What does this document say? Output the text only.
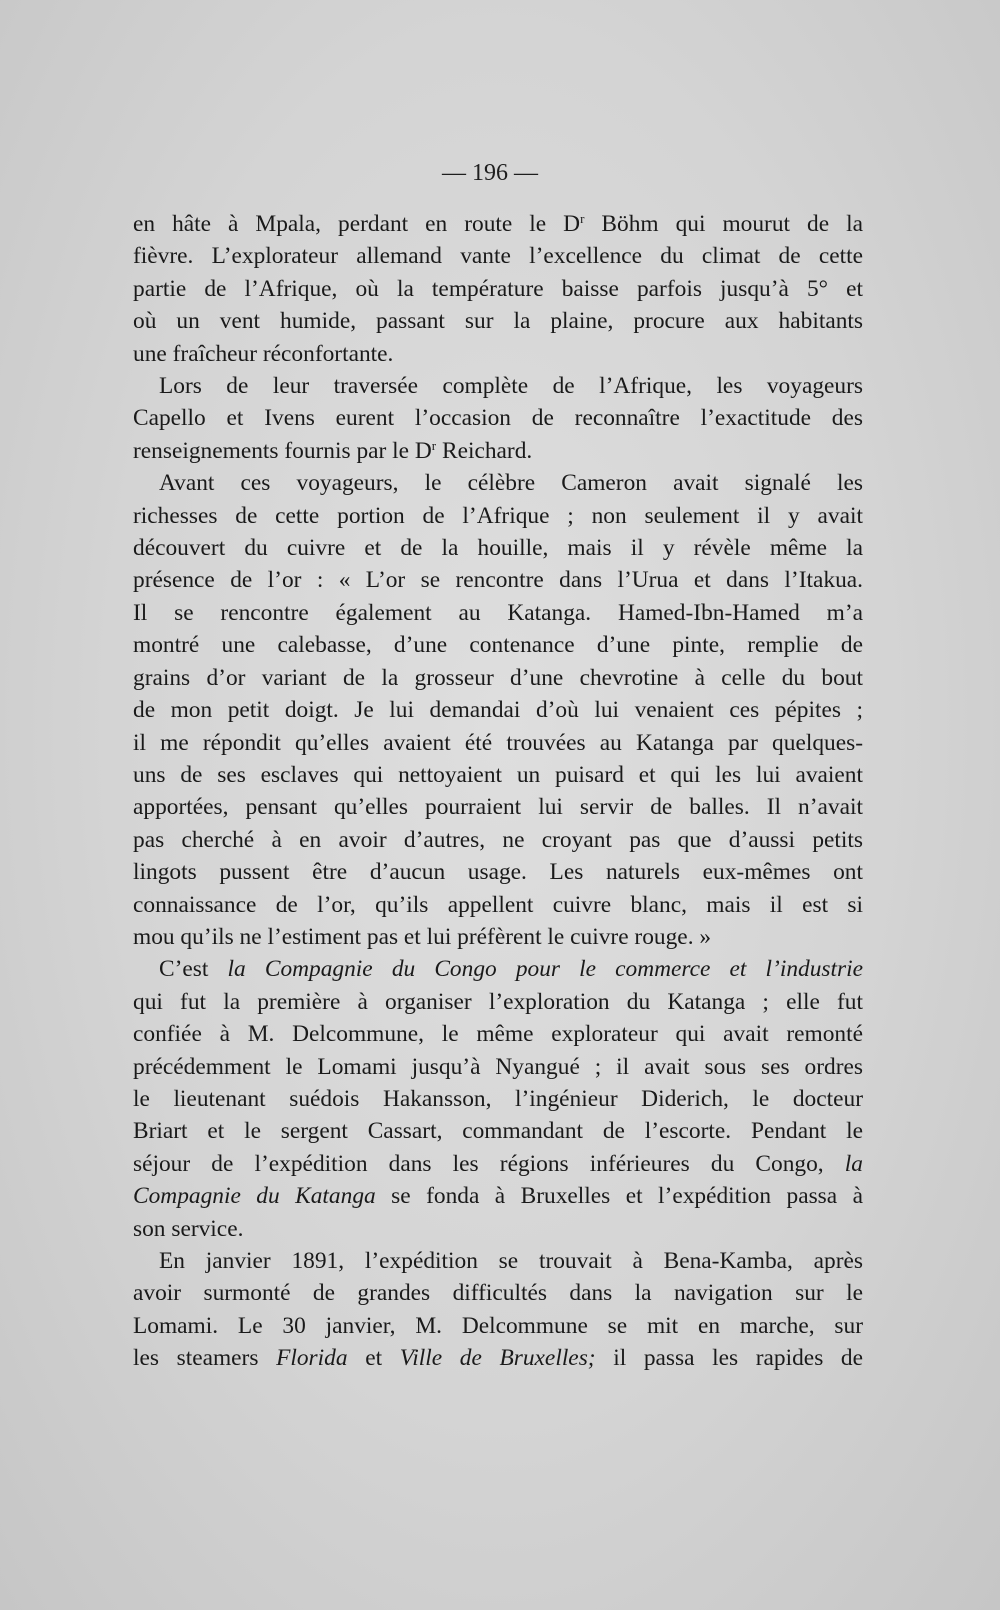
— 196 —
en hâte à Mpala, perdant en route le $D^r$ Böhm qui mourut de la
fièvre. L’explorateur allemand vante l’excellence du climat de cette
partie de l’Afrique, où la température baisse parfois jusqu’à 5° et
où un vent humide, passant sur la plaine, procure aux habitants
une fraîcheur réconfortante.
Lors de leur traversée complète de l’Afrique, les voyageurs
Capello et Ivens eurent l’occasion de reconnaître l’exactitude des
renseignements fournis par le $D^r$ Reichard.
Avant ces voyageurs, le célèbre Cameron avait signalé les
richesses de cette portion de l’Afrique ; non seulement il y avait
découvert du cuivre et de la houille, mais il y révèle même la
présence de l’or : « L’or se rencontre dans l’Urua et dans l’Itakua.
Il se rencontre également au Katanga. Hamed-Ibn-Hamed m’a
montré une calebasse, d’une contenance d’une pinte, remplie de
grains d’or variant de la grosseur d’une chevrotine à celle du bout
de mon petit doigt. Je lui demandai d’où lui venaient ces pépites ;
il me répondit qu’elles avaient été trouvées au Katanga par quelques-
uns de ses esclaves qui nettoyaient un puisard et qui les lui avaient
apportées, pensant qu’elles pourraient lui servir de balles. Il n’avait
pas cherché à en avoir d’autres, ne croyant pas que d’aussi petits
lingots pussent être d’aucun usage. Les naturels eux-mêmes ont
connaissance de l’or, qu’ils appellent cuivre blanc, mais il est si
mou qu’ils ne l’estiment pas et lui préfèrent le cuivre rouge. »
C’est la Compagnie du Congo pour le commerce et l’industrie
qui fut la première à organiser l’exploration du Katanga ; elle fut
confiée à M. Delcommune, le même explorateur qui avait remonté
précédemment le Lomami jusqu’à Nyangué ; il avait sous ses ordres
le lieutenant suédois Hakansson, l’ingénieur Diderich, le docteur
Briart et le sergent Cassart, commandant de l’escorte. Pendant le
séjour de l’expédition dans les régions inférieures du Congo, la
Compagnie du Katanga se fonda à Bruxelles et l’expédition passa à
son service.
En janvier 1891, l’expédition se trouvait à Bena-Kamba, après
avoir surmonté de grandes difficultés dans la navigation sur le
Lomami. Le 30 janvier, M. Delcommune se mit en marche, sur
les steamers Florida et Ville de Bruxelles; il passa les rapides de
